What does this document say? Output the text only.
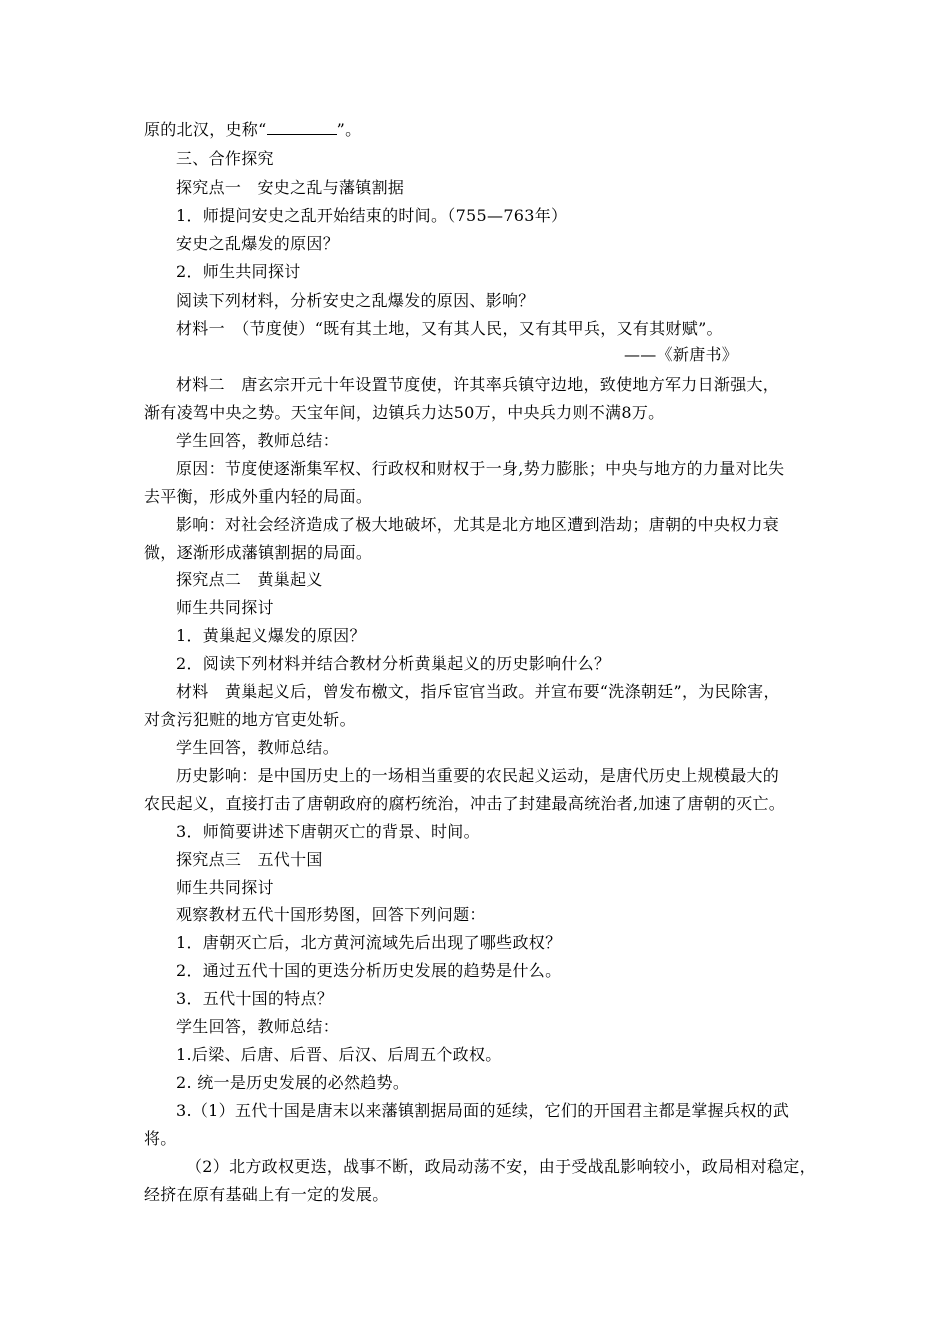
原的北汉，史称“	”。
三、合作探究
探究点一　安史之乱与藩镇割据
1．师提问安史之乱开始结束的时间。（755—763年）
安史之乱爆发的原因？
2．师生共同探讨
阅读下列材料，分析安史之乱爆发的原因、影响？
材料一　（节度使）“既有其土地，又有其人民，又有其甲兵，又有其财赋”。
——《新唐书》
材料二　唐玄宗开元十年设置节度使，许其率兵镇守边地，致使地方军力日渐强大，
渐有凌驾中央之势。天宝年间，边镇兵力达50万，中央兵力则不满8万。
学生回答，教师总结：
原因：节度使逐渐集军权、行政权和财权于一身,势力膨胀；中央与地方的力量对比失
去平衡，形成外重内轻的局面。
影响：对社会经济造成了极大地破坏，尤其是北方地区遭到浩劫；唐朝的中央权力衰
微，逐渐形成藩镇割据的局面。
探究点二　黄巢起义
师生共同探讨
1．黄巢起义爆发的原因？
2．阅读下列材料并结合教材分析黄巢起义的历史影响什么？
材料　黄巢起义后，曾发布檄文，指斥宦官当政。并宣布要“洗涤朝廷”，为民除害，
对贪污犯赃的地方官吏处斩。
学生回答，教师总结。
历史影响：是中国历史上的一场相当重要的农民起义运动，是唐代历史上规模最大的
农民起义，直接打击了唐朝政府的腐朽统治，冲击了封建最高统治者,加速了唐朝的灭亡。
3．师简要讲述下唐朝灭亡的背景、时间。
探究点三　五代十国
师生共同探讨
观察教材五代十国形势图，回答下列问题：
1．唐朝灭亡后，北方黄河流域先后出现了哪些政权？
2．通过五代十国的更迭分析历史发展的趋势是什么。
3．五代十国的特点？
学生回答，教师总结：
1.后梁、后唐、后晋、后汉、后周五个政权。
2. 统一是历史发展的必然趋势。
3.（1）五代十国是唐末以来藩镇割据局面的延续，它们的开国君主都是掌握兵权的武
将。
（2）北方政权更迭，战事不断，政局动荡不安，由于受战乱影响较小，政局相对稳定，
经挤在原有基础上有一定的发展。
